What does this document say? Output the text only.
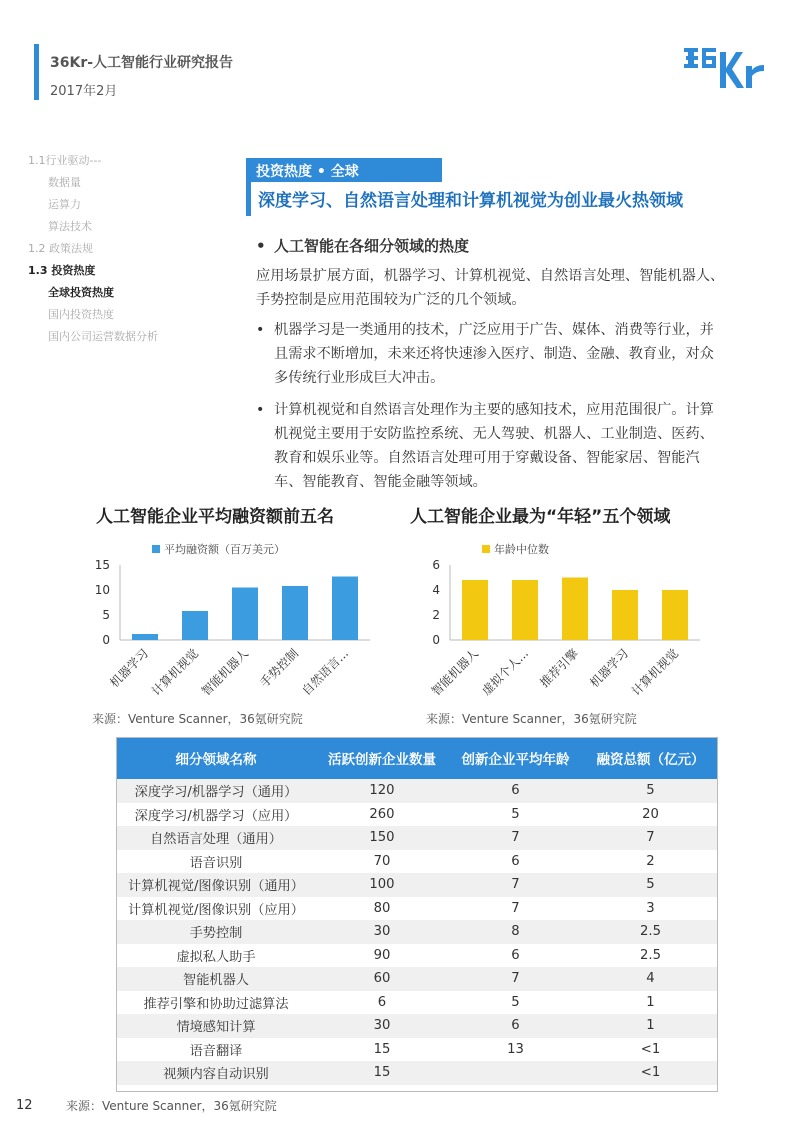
36Kr-人工智能行业研究报告
2017年2月
1.1行业驱动---
数据量
运算力
算法技术
1.2 政策法规
1.3 投资热度
全球投资热度
国内投资热度
国内公司运营数据分析
投资热度 • 全球
深度学习、自然语言处理和计算机视觉为创业最火热领域
• 人工智能在各细分领域的热度
应用场景扩展方面，机器学习、计算机视觉、自然语言处理、智能机器人、手势控制是应用范围较为广泛的几个领域。
• 机器学习是一类通用的技术，广泛应用于广告、媒体、消费等行业，并且需求不断增加，未来还将快速渗入医疗、制造、金融、教育业，对众多传统行业形成巨大冲击。
• 计算机视觉和自然语言处理作为主要的感知技术，应用范围很广。计算机视觉主要用于安防监控系统、无人驾驶、机器人、工业制造、医药、教育和娱乐业等。自然语言处理可用于穿戴设备、智能家居、智能汽车、智能教育、智能金融等领域。
人工智能企业平均融资额前五名
平均融资额（百万美元）
0
5
10
15
机器学习
计算机视觉
智能机器人 手势控制
自然语言...
来源：Venture Scanner，36氪研究院
人工智能企业最为“年轻”五个领域
年龄中位数
0
2
4
6
智能机器人
虚拟个人... 推荐引擎 机器学习
计算机视觉
来源：Venture Scanner，36氪研究院
细分领域名称	活跃创新企业数量	创新企业平均年龄	融资总额（亿元）
深度学习/机器学习（通用）	120	6	5
深度学习/机器学习（应用）	260	5	20
自然语言处理（通用）	150	7	7
语音识别	70	6	2
计算机视觉/图像识别（通用）	100	7	5
计算机视觉/图像识别（应用）	80	7	3
手势控制	30	8	2.5
虚拟私人助手	90	6	2.5
智能机器人	60	7	4
推荐引擎和协助过滤算法	6	5	1
情境感知计算	30	6	1
语音翻译	15	13	<1
视频内容自动识别	15		<1
12	来源：Venture Scanner，36氪研究院
